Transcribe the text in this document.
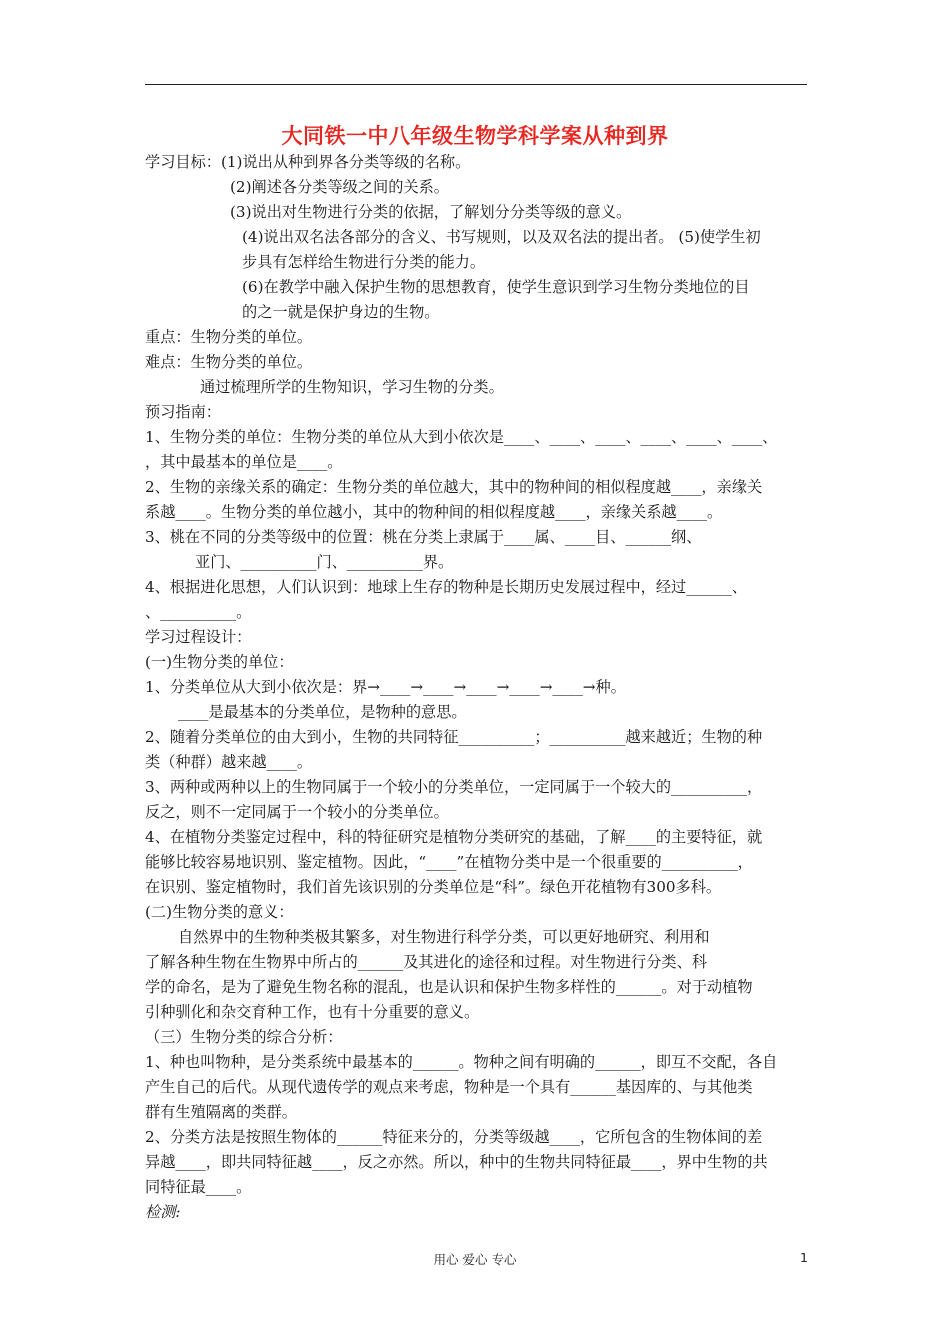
大同铁一中八年级生物学科学案从种到界
学习目标：(1)说出从种到界各分类等级的名称。
(2)阐述各分类等级之间的关系。
(3)说出对生物进行分类的依据，了解划分分类等级的意义。
(4)说出双名法各部分的含义、书写规则，以及双名法的提出者。 (5)使学生初
步具有怎样给生物进行分类的能力。
(6)在教学中融入保护生物的思想教育，使学生意识到学习生物分类地位的目
的之一就是保护身边的生物。
重点：生物分类的单位。
难点：生物分类的单位。
通过梳理所学的生物知识，学习生物的分类。
预习指南：
1、生物分类的单位：生物分类的单位从大到小依次是____、____、____、____、____、____、
，其中最基本的单位是____。
2、生物的亲缘关系的确定：生物分类的单位越大，其中的物种间的相似程度越____，亲缘关
系越____。生物分类的单位越小，其中的物种间的相似程度越____，亲缘关系越____。
3、桃在不同的分类等级中的位置：桃在分类上隶属于____属、____目、______纲、
亚门、__________门、__________界。
4、根据进化思想，人们认识到：地球上生存的物种是长期历史发展过程中，经过______、
、__________。
学习过程设计：
(一)生物分类的单位：
1、分类单位从大到小依次是：界→____→____→____→____→____→种。
____是最基本的分类单位，是物种的意思。
2、随着分类单位的由大到小，生物的共同特征__________；__________越来越近；生物的种
类（种群）越来越____。
3、两种或两种以上的生物同属于一个较小的分类单位，一定同属于一个较大的__________，
反之，则不一定同属于一个较小的分类单位。
4、在植物分类鉴定过程中，科的特征研究是植物分类研究的基础，了解____的主要特征，就
能够比较容易地识别、鉴定植物。因此，“____”在植物分类中是一个很重要的__________，
在识别、鉴定植物时，我们首先该识别的分类单位是“科”。绿色开花植物有300多科。
(二)生物分类的意义：
自然界中的生物种类极其繁多，对生物进行科学分类，可以更好地研究、利用和
了解各种生物在生物界中所占的______及其进化的途径和过程。对生物进行分类、科
学的命名，是为了避免生物名称的混乱，也是认识和保护生物多样性的______。对于动植物
引种驯化和杂交育种工作，也有十分重要的意义。
（三）生物分类的综合分析：
1、种也叫物种，是分类系统中最基本的______。物种之间有明确的______，即互不交配，各自
产生自己的后代。从现代遗传学的观点来考虑，物种是一个具有______基因库的、与其他类
群有生殖隔离的类群。
2、分类方法是按照生物体的______特征来分的，分类等级越____，它所包含的生物体间的差
异越____，即共同特征越____，反之亦然。所以，种中的生物共同特征最____，界中生物的共
同特征最____。
检测:
用心 爱心 专心	1
